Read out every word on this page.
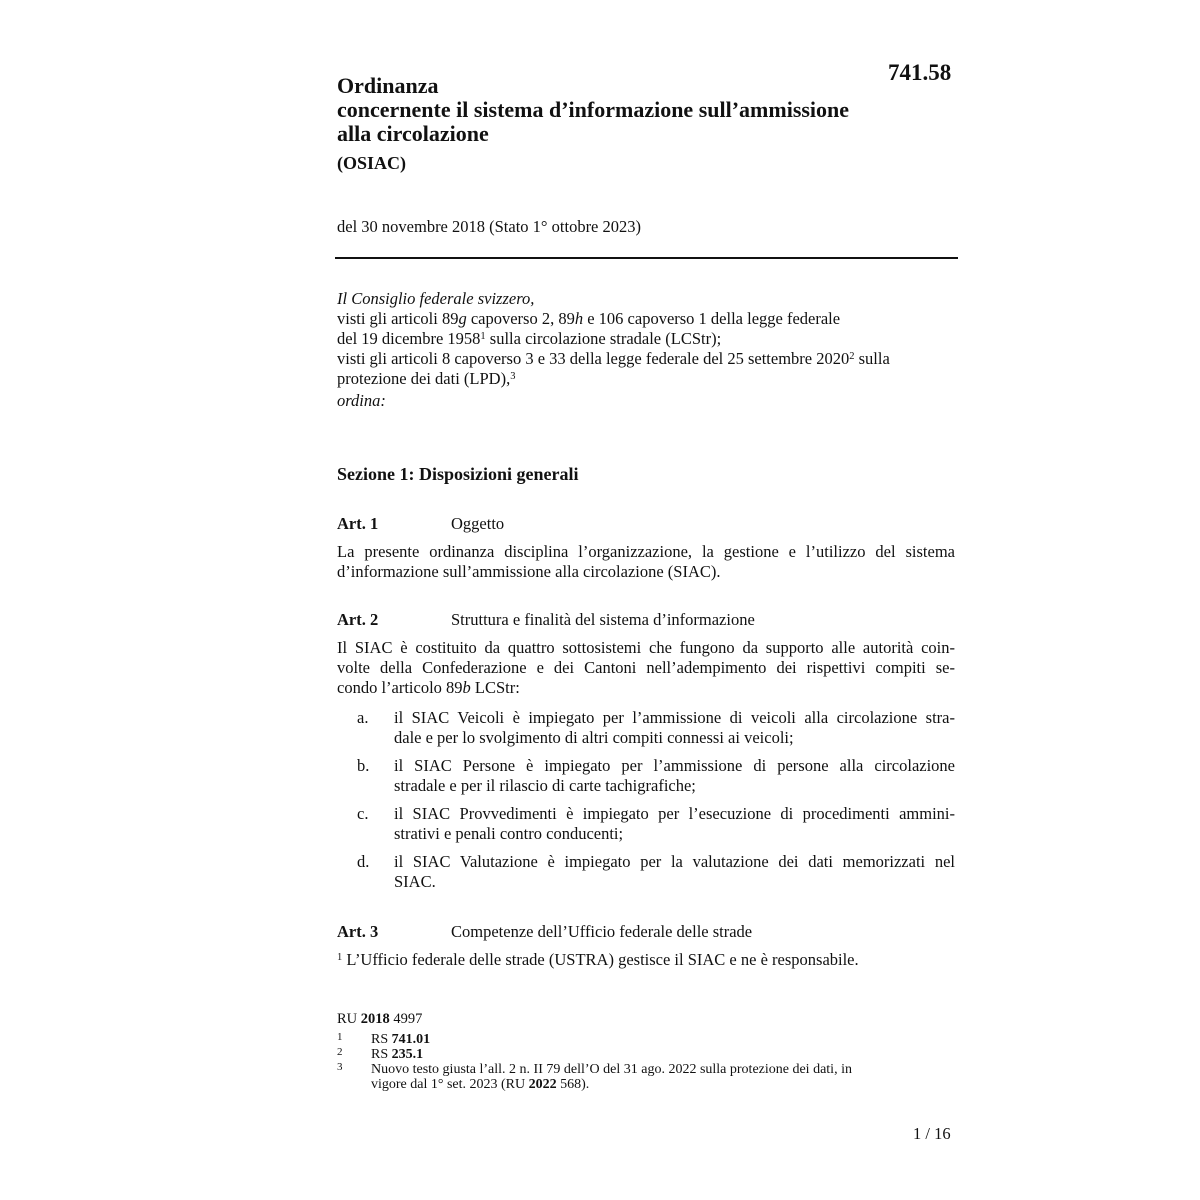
741.58
Ordinanza
concernente il sistema d’informazione sull’ammissione
alla circolazione
(OSIAC)
del 30 novembre 2018 (Stato 1° ottobre 2023)
Il Consiglio federale svizzero,
visti gli articoli 89g capoverso 2, 89h e 106 capoverso 1 della legge federale
del 19 dicembre 1958$^1$ sulla circolazione stradale (LCStr);
visti gli articoli 8 capoverso 3 e 33 della legge federale del 25 settembre 2020$^2$ sulla
protezione dei dati (LPD),$^3$
ordina:
Sezione 1: Disposizioni generali
Art. 1	Oggetto
La presente ordinanza disciplina l’organizzazione, la gestione e l’utilizzo del sistema
d’informazione sull’ammissione alla circolazione (SIAC).
Art. 2	Struttura e finalità del sistema d’informazione
Il SIAC è costituito da quattro sottosistemi che fungono da supporto alle autorità coin-
volte della Confederazione e dei Cantoni nell’adempimento dei rispettivi compiti se-
condo l’articolo 89b LCStr:
a. il SIAC Veicoli è impiegato per l’ammissione di veicoli alla circolazione stra-
dale e per lo svolgimento di altri compiti connessi ai veicoli;
b. il SIAC Persone è impiegato per l’ammissione di persone alla circolazione
stradale e per il rilascio di carte tachigrafiche;
c. il SIAC Provvedimenti è impiegato per l’esecuzione di procedimenti ammini-
strativi e penali contro conducenti;
d. il SIAC Valutazione è impiegato per la valutazione dei dati memorizzati nel
SIAC.
Art. 3	Competenze dell’Ufficio federale delle strade
$^1$ L’Ufficio federale delle strade (USTRA) gestisce il SIAC e ne è responsabile.
RU 2018 4997
1 RS 741.01
2 RS 235.1
3 Nuovo testo giusta l’all. 2 n. II 79 dell’O del 31 ago. 2022 sulla protezione dei dati, in
vigore dal 1° set. 2023 (RU 2022 568).
1 / 16
